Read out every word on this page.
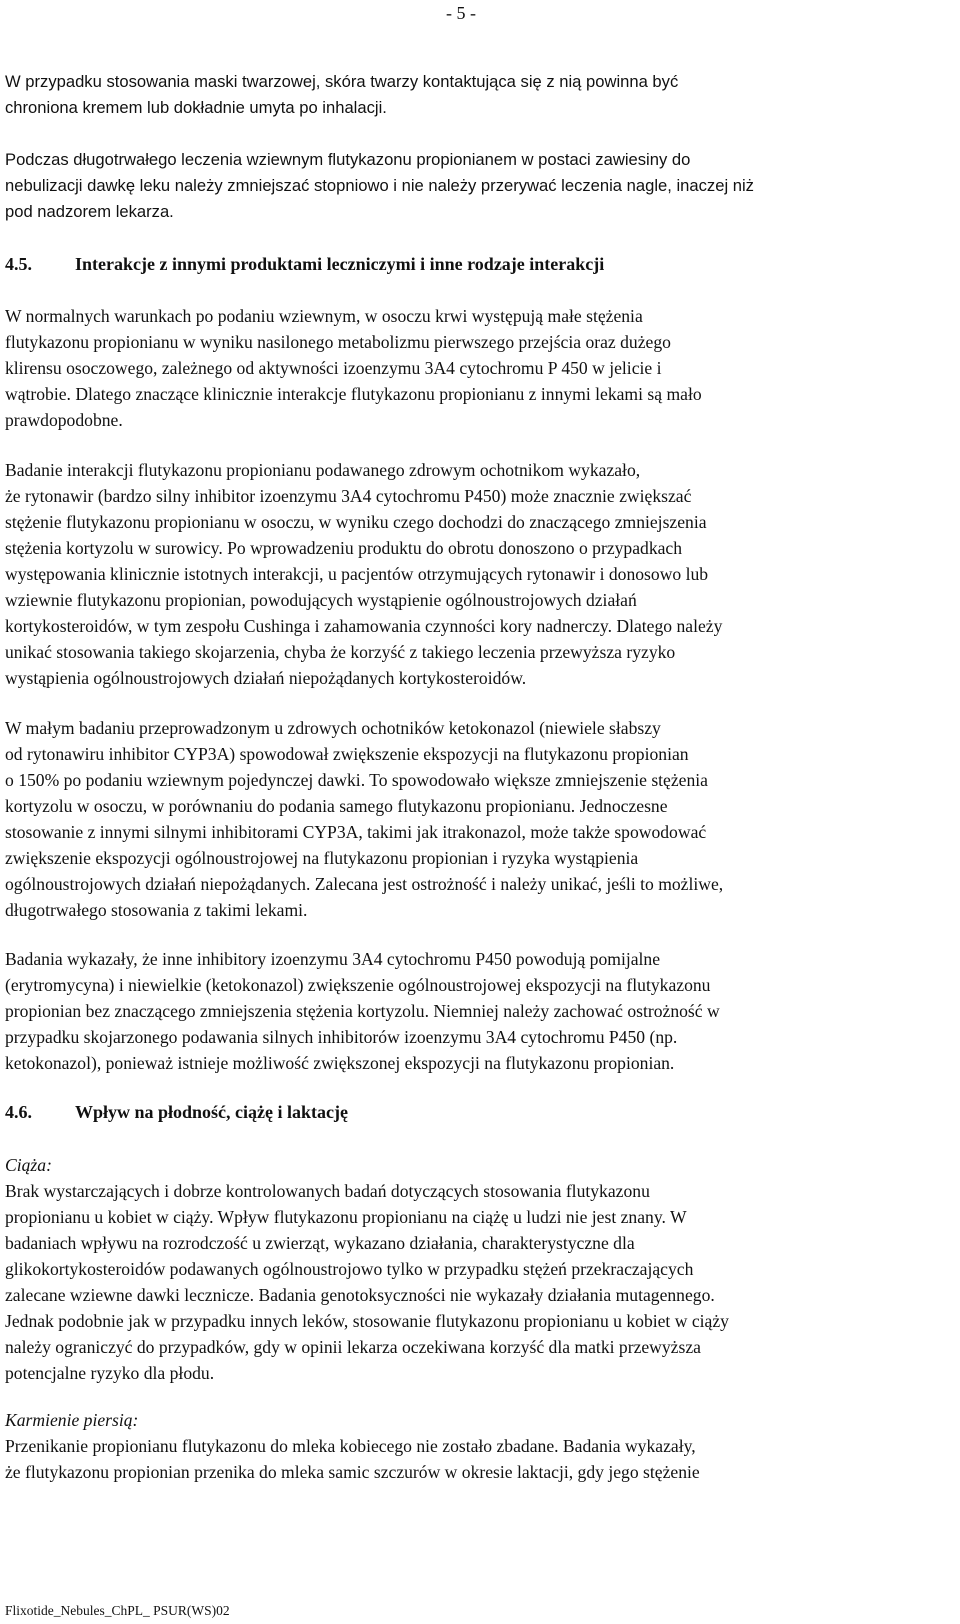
- 5 -
W przypadku stosowania maski twarzowej, skóra twarzy kontaktująca się z nią powinna być
chroniona kremem lub dokładnie umyta po inhalacji.
Podczas długotrwałego leczenia wziewnym flutykazonu propionianem w postaci zawiesiny do
nebulizacji dawkę leku należy zmniejszać stopniowo i nie należy przerywać leczenia nagle, inaczej niż
pod nadzorem lekarza.
4.5. Interakcje z innymi produktami leczniczymi i inne rodzaje interakcji
W normalnych warunkach po podaniu wziewnym, w osoczu krwi występują małe stężenia
flutykazonu propionianu w wyniku nasilonego metabolizmu pierwszego przejścia oraz dużego
klirensu osoczowego, zależnego od aktywności izoenzymu 3A4 cytochromu P 450 w jelicie i
wątrobie. Dlatego znaczące klinicznie interakcje flutykazonu propionianu z innymi lekami są mało
prawdopodobne.
Badanie interakcji flutykazonu propionianu podawanego zdrowym ochotnikom wykazało,
że rytonawir (bardzo silny inhibitor izoenzymu 3A4 cytochromu P450) może znacznie zwiększać
stężenie flutykazonu propionianu w osoczu, w wyniku czego dochodzi do znaczącego zmniejszenia
stężenia kortyzolu w surowicy. Po wprowadzeniu produktu do obrotu donoszono o przypadkach
występowania klinicznie istotnych interakcji, u pacjentów otrzymujących rytonawir i donosowo lub
wziewnie flutykazonu propionian, powodujących wystąpienie ogólnoustrojowych działań
kortykosteroidów, w tym zespołu Cushinga i zahamowania czynności kory nadnerczy. Dlatego należy
unikać stosowania takiego skojarzenia, chyba że korzyść z takiego leczenia przewyższa ryzyko
wystąpienia ogólnoustrojowych działań niepożądanych kortykosteroidów.
W małym badaniu przeprowadzonym u zdrowych ochotników ketokonazol (niewiele słabszy
od rytonawiru inhibitor CYP3A) spowodował zwiększenie ekspozycji na flutykazonu propionian
o 150% po podaniu wziewnym pojedynczej dawki. To spowodowało większe zmniejszenie stężenia
kortyzolu w osoczu, w porównaniu do podania samego flutykazonu propionianu. Jednoczesne
stosowanie z innymi silnymi inhibitorami CYP3A, takimi jak itrakonazol, może także spowodować
zwiększenie ekspozycji ogólnoustrojowej na flutykazonu propionian i ryzyka wystąpienia
ogólnoustrojowych działań niepożądanych. Zalecana jest ostrożność i należy unikać, jeśli to możliwe,
długotrwałego stosowania z takimi lekami.
Badania wykazały, że inne inhibitory izoenzymu 3A4 cytochromu P450 powodują pomijalne
(erytromycyna) i niewielkie (ketokonazol) zwiększenie ogólnoustrojowej ekspozycji na flutykazonu
propionian bez znaczącego zmniejszenia stężenia kortyzolu. Niemniej należy zachować ostrożność w
przypadku skojarzonego podawania silnych inhibitorów izoenzymu 3A4 cytochromu P450 (np.
ketokonazol), ponieważ istnieje możliwość zwiększonej ekspozycji na flutykazonu propionian.
4.6. Wpływ na płodność, ciążę i laktację
Ciąża:
Brak wystarczających i dobrze kontrolowanych badań dotyczących stosowania flutykazonu
propionianu u kobiet w ciąży. Wpływ flutykazonu propionianu na ciążę u ludzi nie jest znany. W
badaniach wpływu na rozrodczość u zwierząt, wykazano działania, charakterystyczne dla
glikokortykosteroidów podawanych ogólnoustrojowo tylko w przypadku stężeń przekraczających
zalecane wziewne dawki lecznicze. Badania genotoksyczności nie wykazały działania mutagennego.
Jednak podobnie jak w przypadku innych leków, stosowanie flutykazonu propionianu u kobiet w ciąży
należy ograniczyć do przypadków, gdy w opinii lekarza oczekiwana korzyść dla matki przewyższa
potencjalne ryzyko dla płodu.
Karmienie piersią:
Przenikanie propionianu flutykazonu do mleka kobiecego nie zostało zbadane. Badania wykazały,
że flutykazonu propionian przenika do mleka samic szczurów w okresie laktacji, gdy jego stężenie
Flixotide_Nebules_ChPL_ PSUR(WS)02
